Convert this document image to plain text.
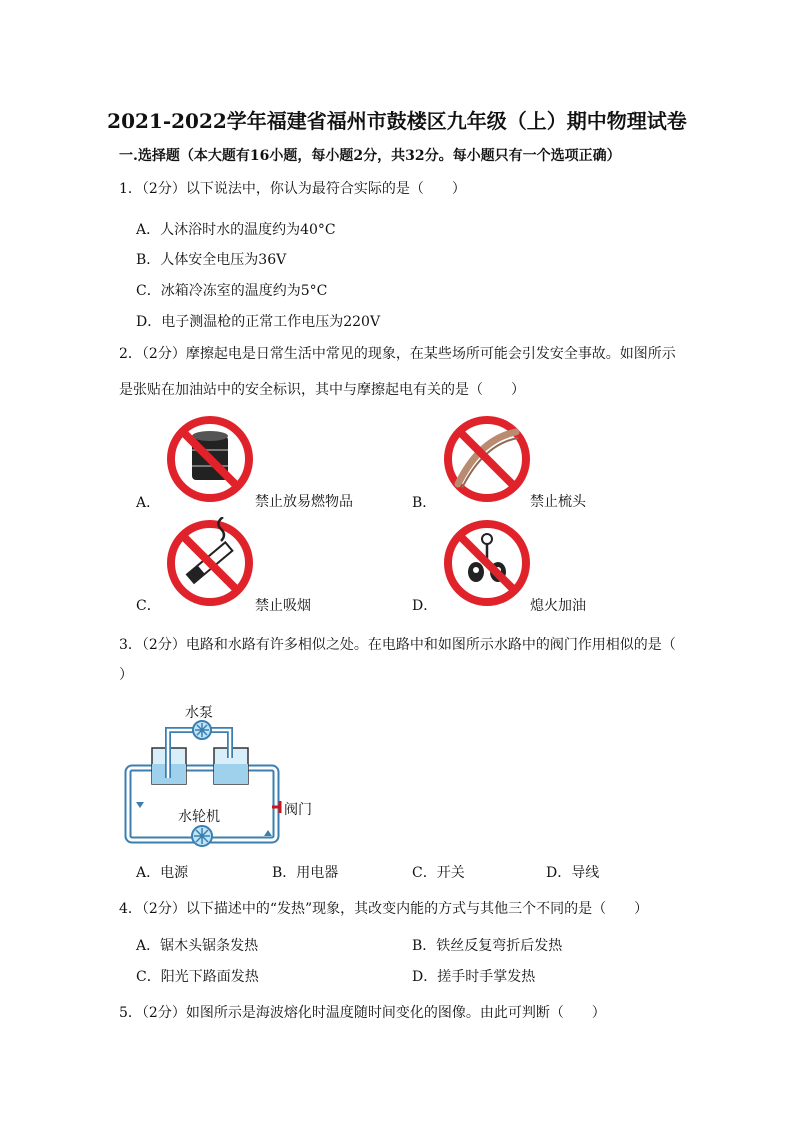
2021-2022学年福建省福州市鼓楼区九年级（上）期中物理试卷
一.选择题（本大题有16小题，每小题2分，共32分。每小题只有一个选项正确）
1．（2分）以下说法中，你认为最符合实际的是（　　）
A．人沐浴时水的温度约为40°C
B．人体安全电压为36V
C．冰箱冷冻室的温度约为5°C
D．电子测温枪的正常工作电压为220V
2．（2分）摩擦起电是日常生活中常见的现象，在某些场所可能会引发安全事故。如图所示
是张贴在加油站中的安全标识，其中与摩擦起电有关的是（　　）
A．	禁止放易燃物品	B．	禁止梳头
C．	禁止吸烟	D．	熄火加油
3．（2分）电路和水路有许多相似之处。在电路中和如图所示水路中的阀门作用相似的是（
）
水泵
水轮机	阀门
A．电源	B．用电器	C．开关	D．导线
4．（2分）以下描述中的“发热”现象，其改变内能的方式与其他三个不同的是（　　）
A．锯木头锯条发热	B．铁丝反复弯折后发热
C．阳光下路面发热	D．搓手时手掌发热
5．（2分）如图所示是海波熔化时温度随时间变化的图像。由此可判断（　　）
